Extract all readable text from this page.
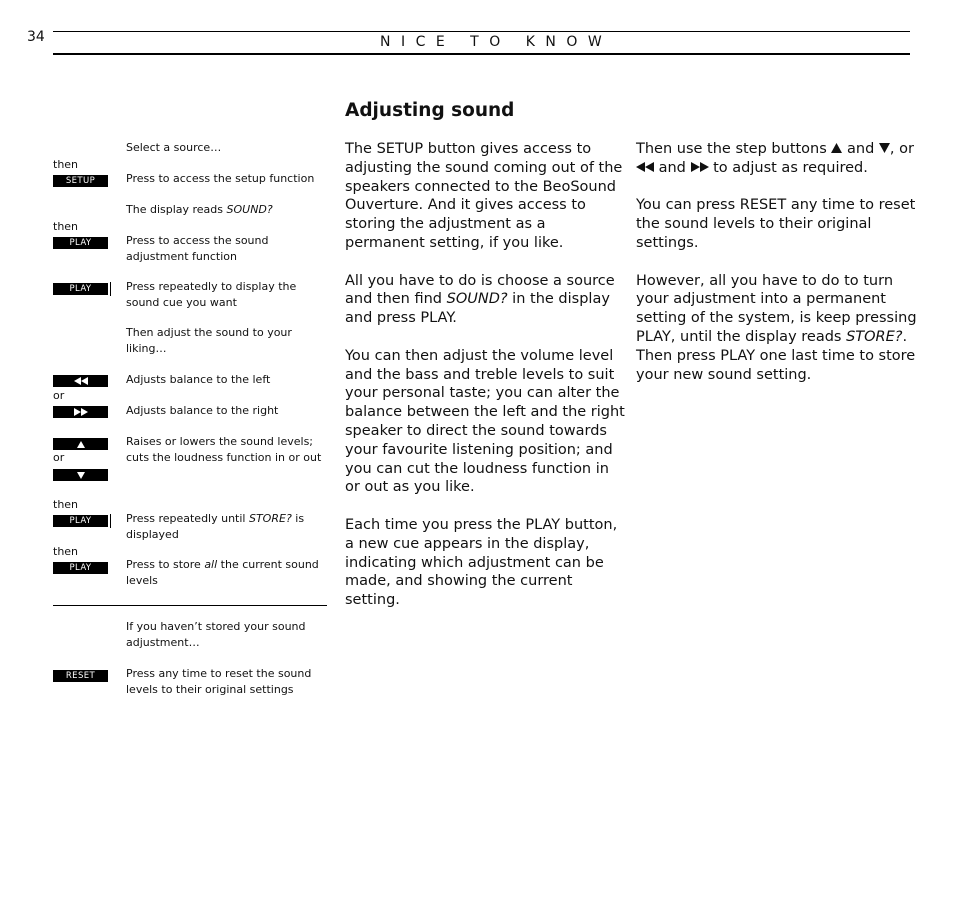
34	NICE TO KNOW
Adjusting sound
Select a source…
then
SETUP	Press to access the setup function
The display reads SOUND?
then
PLAY	Press to access the sound adjustment function
PLAY	Press repeatedly to display the sound cue you want
Then adjust the sound to your liking…
Adjusts balance to the left
or
Adjusts balance to the right
Raises or lowers the sound levels; cuts the loudness function in or out
or
then
PLAY	Press repeatedly until STORE? is displayed
then
PLAY	Press to store all the current sound levels
If you haven’t stored your sound adjustment…
RESET	Press any time to reset the sound levels to their original settings

The SETUP button gives access to adjusting the sound coming out of the speakers connected to the BeoSound Ouverture. And it gives access to storing the adjustment as a permanent setting, if you like.

All you have to do is choose a source and then find SOUND? in the display and press PLAY.

You can then adjust the volume level and the bass and treble levels to suit your personal taste; you can alter the balance between the left and the right speaker to direct the sound towards your favourite listening position; and you can cut the loudness function in or out as you like.

Each time you press the PLAY button, a new cue appears in the display, indicating which adjustment can be made, and showing the current setting.

Then use the step buttons  and , or  and  to adjust as required.

You can press RESET any time to reset the sound levels to their original settings.

However, all you have to do to turn your adjustment into a permanent setting of the system, is keep pressing PLAY, until the display reads STORE?. Then press PLAY one last time to store your new sound setting.
